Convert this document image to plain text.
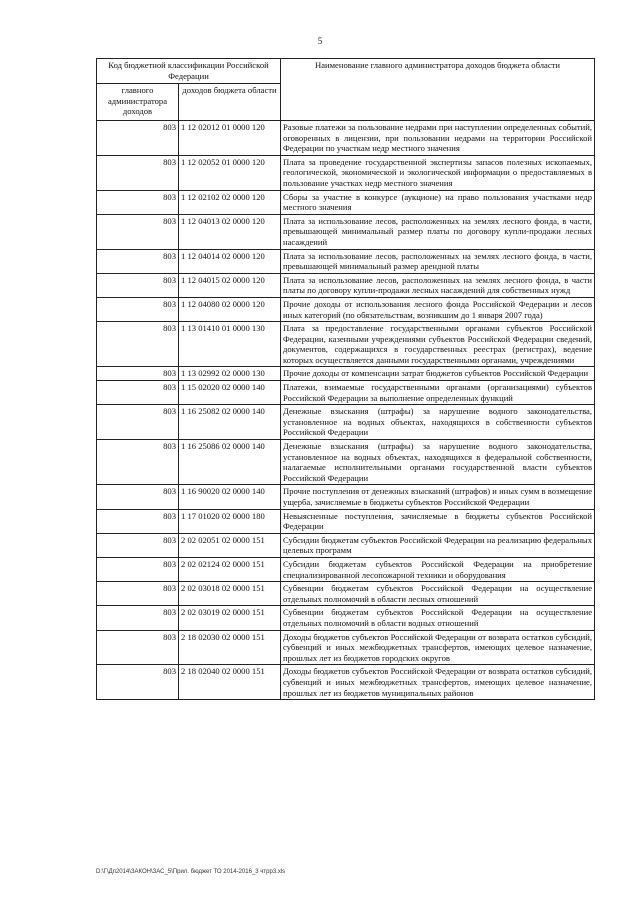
5
Код бюджетной классификации Российской Федерации		Наименование главного администратора доходов бюджета области
главного администратора доходов	доходов бюджета области	
803	1 12 02012 01 0000 120	Разовые платежи за пользование недрами при наступлении определенных событий, оговоренных в лицензии, при пользовании недрами на территории Российской Федерации по участкам недр местного значения
803	1 12 02052 01 0000 120	Плата за проведение государственной экспертизы запасов полезных ископаемых, геологической, экономической и экологической информации о предоставляемых в пользование участках недр местного значения
803	1 12 02102 02 0000 120	Сборы за участие в конкурсе (аукционе) на право пользования участками недр местного значения
803	1 12 04013 02 0000 120	Плата за использование лесов, расположенных на землях лесного фонда, в части, превышающей минимальный размер платы по договору купли-продажи лесных насаждений
803	1 12 04014 02 0000 120	Плата за использование лесов, расположенных на землях лесного фонда, в части, превышающей минимальный размер арендной платы
803	1 12 04015 02 0000 120	Плата за использование лесов, расположенных на землях лесного фонда, в части платы по договору купли-продажи лесных насаждений для собственных нужд
803	1 12 04080 02 0000 120	Прочие доходы от использования лесного фонда Российской Федерации и лесов иных категорий (по обязательствам, возникшим до 1 января 2007 года)
803	1 13 01410 01 0000 130	Плата за предоставление государственными органами субъектов Российской Федерации, казенными учреждениями субъектов Российской Федерации сведений, документов, содержащихся в государственных реестрах (регистрах), ведение которых осуществляется данными государственными органами, учреждениями
803	1 13 02992 02 0000 130	Прочие доходы от компенсации затрат бюджетов субъектов Российской Федерации
803	1 15 02020 02 0000 140	Платежи, взимаемые государственными органами (организациями) субъектов Российской Федерации за выполнение определенных функций
803	1 16 25082 02 0000 140	Денежные взыскания (штрафы) за нарушение водного законодательства, установленное на водных объектах, находящихся в собственности субъектов Российской Федерации
803	1 16 25086 02 0000 140	Денежные взыскания (штрафы) за нарушение водного законодательства, установленное на водных объектах, находящихся в федеральной собственности, налагаемые исполнительными органами государственной власти субъектов Российской Федерации
803	1 16 90020 02 0000 140	Прочие поступления от денежных взысканий (штрафов) и иных сумм в возмещение ущерба, зачисляемые в бюджеты субъектов Российской Федерации
803	1 17 01020 02 0000 180	Невыясненные поступления, зачисляемые в бюджеты субъектов Российской Федерации
803	2 02 02051 02 0000 151	Субсидии бюджетам субъектов Российской Федерации на реализацию федеральных целевых программ
803	2 02 02124 02 0000 151	Субсидии бюджетам субъектов Российской Федерации на приобретение специализированной лесопожарной техники и оборудования
803	2 02 03018 02 0000 151	Субвенции бюджетам субъектов Российской Федерации на осуществление отдельных полномочий в области лесных отношений
803	2 02 03019 02 0000 151	Субвенции бюджетам субъектов Российской Федерации на осуществление отдельных полномочий в области водных отношений
803	2 18 02030 02 0000 151	Доходы бюджетов субъектов Российской Федерации от возврата остатков субсидий, субвенций и иных межбюджетных трансфертов, имеющих целевое назначение, прошлых лет из бюджетов городских округов
803	2 18 02040 02 0000 151	Доходы бюджетов субъектов Российской Федерации от возврата остатков субсидий, субвенций и иных межбюджетных трансфертов, имеющих целевое назначение, прошлых лет из бюджетов муниципальных районов
D:\Г\Дп2014\ЗАКОН\ЗАС_5\Прил. бюджет ТО 2014-2016_3 чтрр3.xls
